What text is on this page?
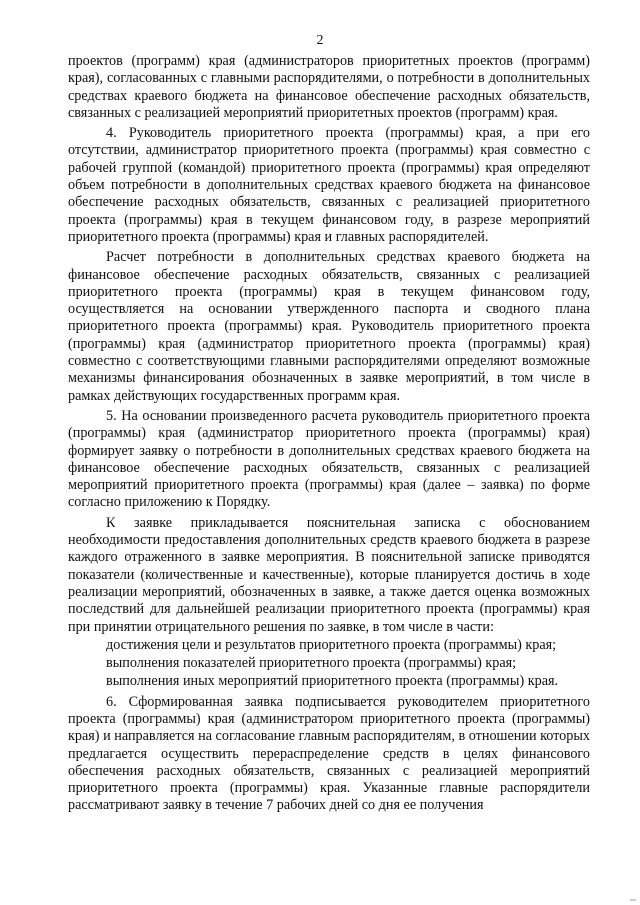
2

проектов (программ) края (администраторов приоритетных проектов (программ) края), согласованных с главными распорядителями, о потребности в дополнительных средствах краевого бюджета на финансовое обеспечение расходных обязательств, связанных с реализацией мероприятий приоритетных проектов (программ) края.

4. Руководитель приоритетного проекта (программы) края, а при его отсутствии, администратор приоритетного проекта (программы) края совместно с рабочей группой (командой) приоритетного проекта (программы) края определяют объем потребности в дополнительных средствах краевого бюджета на финансовое обеспечение расходных обязательств, связанных с реализацией приоритетного проекта (программы) края в текущем финансовом году, в разрезе мероприятий приоритетного проекта (программы) края и главных распорядителей.

Расчет потребности в дополнительных средствах краевого бюджета на финансовое обеспечение расходных обязательств, связанных с реализацией приоритетного проекта (программы) края в текущем финансовом году, осуществляется на основании утвержденного паспорта и сводного плана приоритетного проекта (программы) края. Руководитель приоритетного проекта (программы) края (администратор приоритетного проекта (программы) края) совместно с соответствующими главными распорядителями определяют возможные механизмы финансирования обозначенных в заявке мероприятий, в том числе в рамках действующих государственных программ края.

5. На основании произведенного расчета руководитель приоритетного проекта (программы) края (администратор приоритетного проекта (программы) края) формирует заявку о потребности в дополнительных средствах краевого бюджета на финансовое обеспечение расходных обязательств, связанных с реализацией мероприятий приоритетного проекта (программы) края (далее – заявка) по форме согласно приложению к Порядку.

К заявке прикладывается пояснительная записка с обоснованием необходимости предоставления дополнительных средств краевого бюджета в разрезе каждого отраженного в заявке мероприятия. В пояснительной записке приводятся показатели (количественные и качественные), которые планируется достичь в ходе реализации мероприятий, обозначенных в заявке, а также дается оценка возможных последствий для дальнейшей реализации приоритетного проекта (программы) края при принятии отрицательного решения по заявке, в том числе в части:

достижения цели и результатов приоритетного проекта (программы) края;

выполнения показателей приоритетного проекта (программы) края;

выполнения иных мероприятий приоритетного проекта (программы) края.

6. Сформированная заявка подписывается руководителем приоритетного проекта (программы) края (администратором приоритетного проекта (программы) края) и направляется на согласование главным распорядителям, в отношении которых предлагается осуществить перераспределение средств в целях финансового обеспечения расходных обязательств, связанных с реализацией мероприятий приоритетного проекта (программы) края. Указанные главные распорядители рассматривают заявку в течение 7 рабочих дней со дня ее получения
